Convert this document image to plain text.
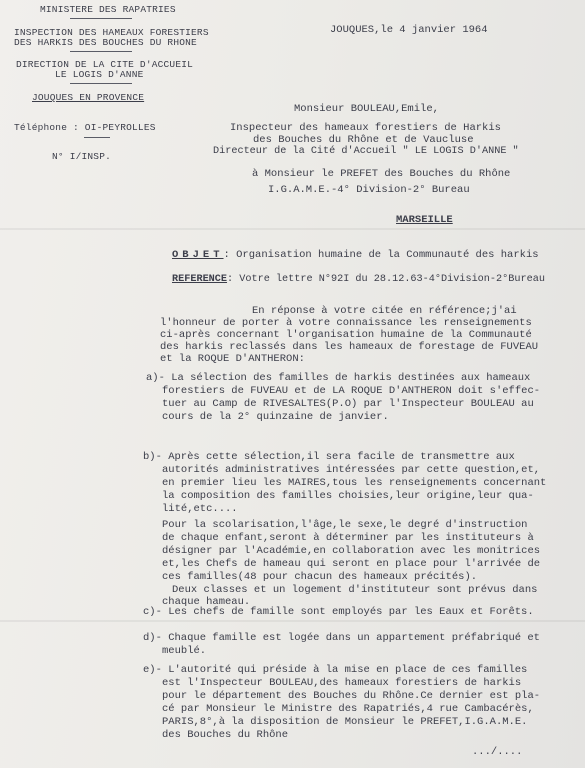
MINISTERE DES RAPATRIES
INSPECTION DES HAMEAUX FORESTIERS
DES HARKIS DES BOUCHES DU RHONE
DIRECTION DE LA CITE D'ACCUEIL
LE LOGIS D'ANNE
JOUQUES EN PROVENCE
Téléphone : OI-PEYROLLES
N° I/INSP.
JOUQUES,le 4 janvier 1964
Monsieur BOULEAU,Emile,
Inspecteur des hameaux forestiers de Harkis
des Bouches du Rhône et de Vaucluse
Directeur de la Cité d'Accueil " LE LOGIS D'ANNE "
à Monsieur le PREFET des Bouches du Rhône
I.G.A.M.E.-4° Division-2° Bureau
MARSEILLE
OBJET: Organisation humaine de la Communauté des harkis
REFERENCE: Votre lettre N°92I du 28.12.63-4°Division-2°Bureau
En réponse à votre citée en référence;j'ai
l'honneur de porter à votre connaissance les renseignements
ci-après concernant l'organisation humaine de la Communauté
des harkis reclassés dans les hameaux de forestage de FUVEAU
et la ROQUE D'ANTHERON:
a)- La sélection des familles de harkis destinées aux hameaux
forestiers de FUVEAU et de LA ROQUE D'ANTHERON doit s'effec-
tuer au Camp de RIVESALTES(P.O) par l'Inspecteur BOULEAU au
cours de la 2° quinzaine de janvier.
b)- Après cette sélection,il sera facile de transmettre aux
autorités administratives intéressées par cette question,et,
en premier lieu les MAIRES,tous les renseignements concernant
la composition des familles choisies,leur origine,leur qua-
lité,etc....
Pour la scolarisation,l'âge,le sexe,le degré d'instruction
de chaque enfant,seront à déterminer par les instituteurs à
désigner par l'Académie,en collaboration avec les monitrices
et,les Chefs de hameau qui seront en place pour l'arrivée de
ces familles(48 pour chacun des hameaux précités).
Deux classes et un logement d'instituteur sont prévus dans
chaque hameau.
c)- Les chefs de famille sont employés par les Eaux et Forêts.
d)- Chaque famille est logée dans un appartement préfabriqué et
meublé.
e)- L'autorité qui préside à la mise en place de ces familles
est l'Inspecteur BOULEAU,des hameaux forestiers de harkis
pour le département des Bouches du Rhône.Ce dernier est pla-
cé par Monsieur le Ministre des Rapatriés,4 rue Cambacérès,
PARIS,8°,à la disposition de Monsieur le PREFET,I.G.A.M.E.
des Bouches du Rhône
.../....
